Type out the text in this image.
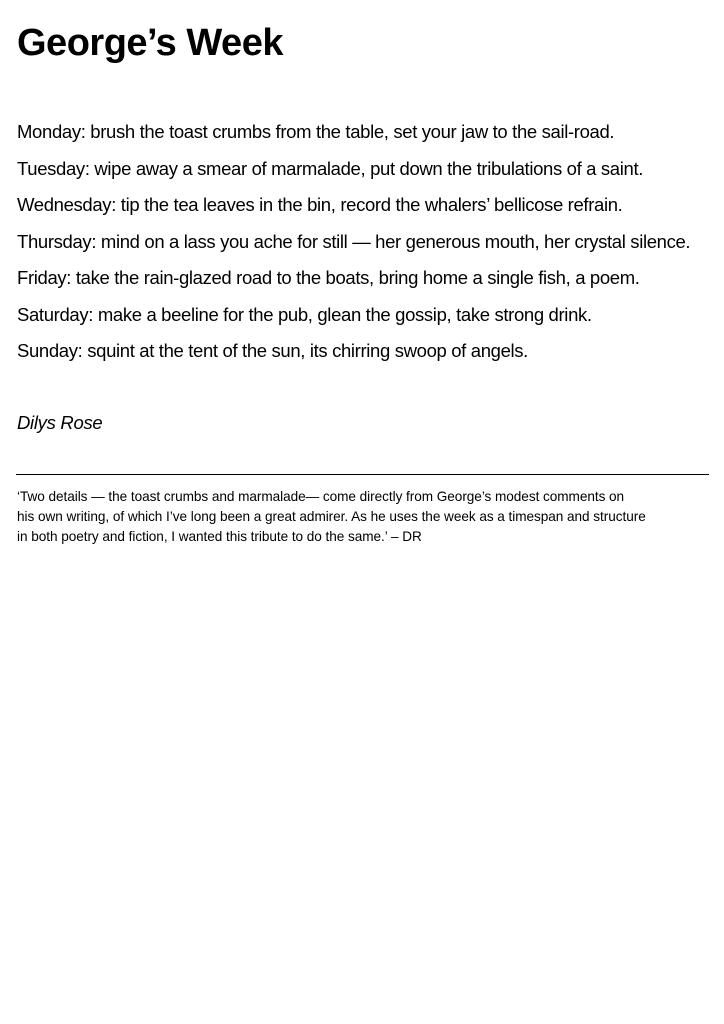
George’s Week
Monday: brush the toast crumbs from the table, set your jaw to the sail-road.
Tuesday: wipe away a smear of marmalade, put down the tribulations of a saint.
Wednesday: tip the tea leaves in the bin, record the whalers’ bellicose refrain.
Thursday: mind on a lass you ache for still — her generous mouth, her crystal silence.
Friday: take the rain-glazed road to the boats, bring home a single fish, a poem.
Saturday: make a beeline for the pub, glean the gossip, take strong drink.
Sunday: squint at the tent of the sun, its chirring swoop of angels.
Dilys Rose

‘Two details — the toast crumbs and marmalade— come directly from George’s modest comments on
his own writing, of which I’ve long been a great admirer. As he uses the week as a timespan and structure
in both poetry and fiction, I wanted this tribute to do the same.’ – DR
